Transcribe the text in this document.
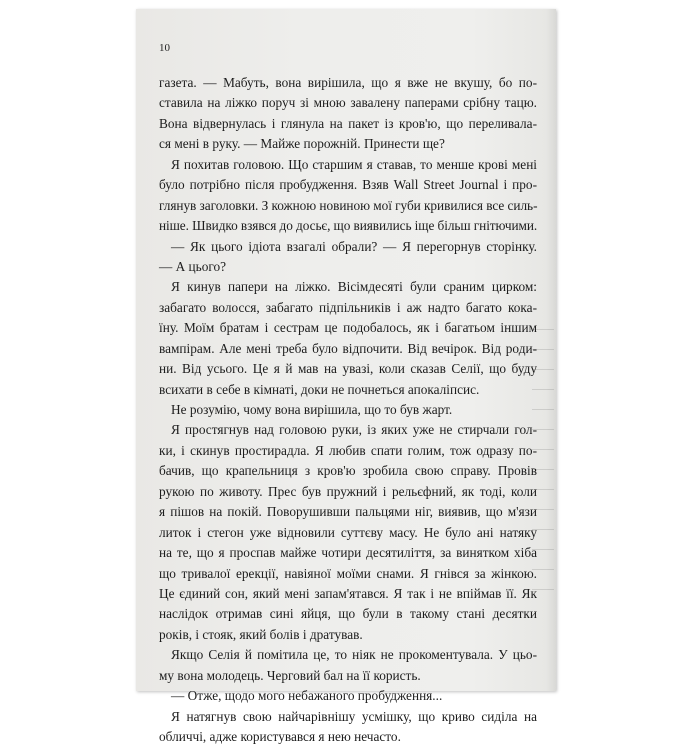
10
газета. — Мабуть, вона вирішила, що я вже не вкушу, бо по-
ставила на ліжко поруч зі мною завалену паперами срібну тацю.
Вона відвернулась і глянула на пакет із кров'ю, що переливала-
ся мені в руку. — Майже порожній. Принести ще?
Я похитав головою. Що старшим я ставав, то менше крові мені
було потрібно після пробудження. Взяв Wall Street Journal і про-
глянув заголовки. З кожною новиною мої губи кривилися все силь-
ніше. Швидко взявся до досьє, що виявились іще більш гнітючими.
— Як цього ідіота взагалі обрали? — Я перегорнув сторінку.
— А цього?
Я кинув папери на ліжко. Вісімдесяті були сраним цирком:
забагато волосся, забагато підпільників і аж надто багато кока-
їну. Моїм братам і сестрам це подобалось, як і багатьом іншим
вампірам. Але мені треба було відпочити. Від вечірок. Від роди-
ни. Від усього. Це я й мав на увазі, коли сказав Селії, що буду
всихати в себе в кімнаті, доки не почнеться апокаліпсис.
Не розумію, чому вона вирішила, що то був жарт.
Я простягнув над головою руки, із яких уже не стирчали гол-
ки, і скинув простирадла. Я любив спати голим, тож одразу по-
бачив, що крапельниця з кров'ю зробила свою справу. Провів
рукою по животу. Прес був пружний і рельєфний, як тоді, коли
я пішов на покій. Поворушивши пальцями ніг, виявив, що м'язи
литок і стегон уже відновили суттєву масу. Не було ані натяку
на те, що я проспав майже чотири десятиліття, за винятком хіба
що тривалої ерекції, навіяної моїми снами. Я гнівся за жінкою.
Це єдиний сон, який мені запам'ятався. Я так і не впіймав її. Як
наслідок отримав сині яйця, що були в такому стані десятки
років, і стояк, який болів і дратував.
Якщо Селія й помітила це, то ніяк не прокоментувала. У цьо-
му вона молодець. Черговий бал на її користь.
— Отже, щодо мого небажаного пробудження...
Я натягнув свою найчарівнішу усмішку, що криво сиділа на
обличчі, адже користувався я нею нечасто.
